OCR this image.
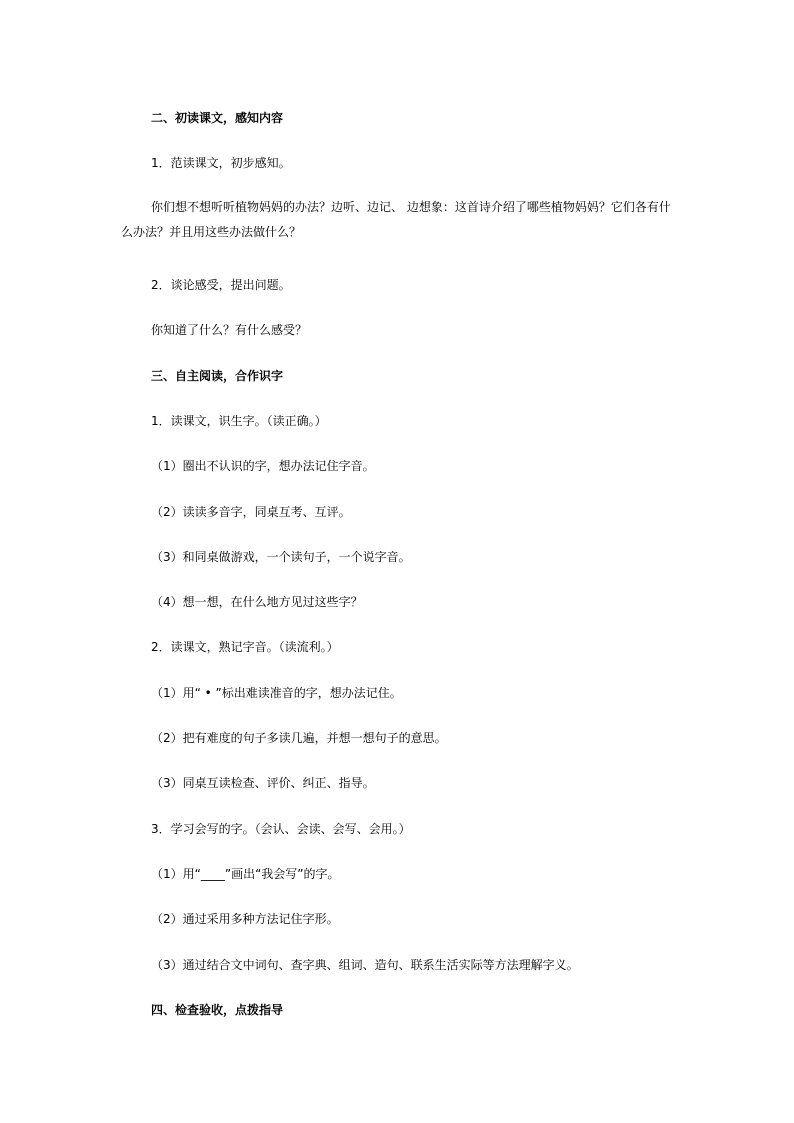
二、初读课文，感知内容
1．范读课文，初步感知。
你们想不想听听植物妈妈的办法？边听、边记、 边想象：这首诗介绍了哪些植物妈妈？它们各有什么办法？并且用这些办法做什么？
2．谈论感受，提出问题。
你知道了什么？有什么感受？
三、自主阅读，合作识字
1．读课文，识生字。（读正确。）
（1）圈出不认识的字，想办法记住字音。
（2）读读多音字，同桌互考、互评。
（3）和同桌做游戏，一个读句子，一个说字音。
（4）想一想，在什么地方见过这些字？
2．读课文，熟记字音。（读流利。）
（1）用“ • ”标出难读准音的字，想办法记住。
（2）把有难度的句子多读几遍，并想一想句子的意思。
（3）同桌互读检查、评价、纠正、指导。
3．学习会写的字。（会认、会读、会写、会用。）
（1）用“____”画出“我会写”的字。
（2）通过采用多种方法记住字形。
（3）通过结合文中词句、查字典、组词、造句、联系生活实际等方法理解字义。
四、检查验收，点拨指导
